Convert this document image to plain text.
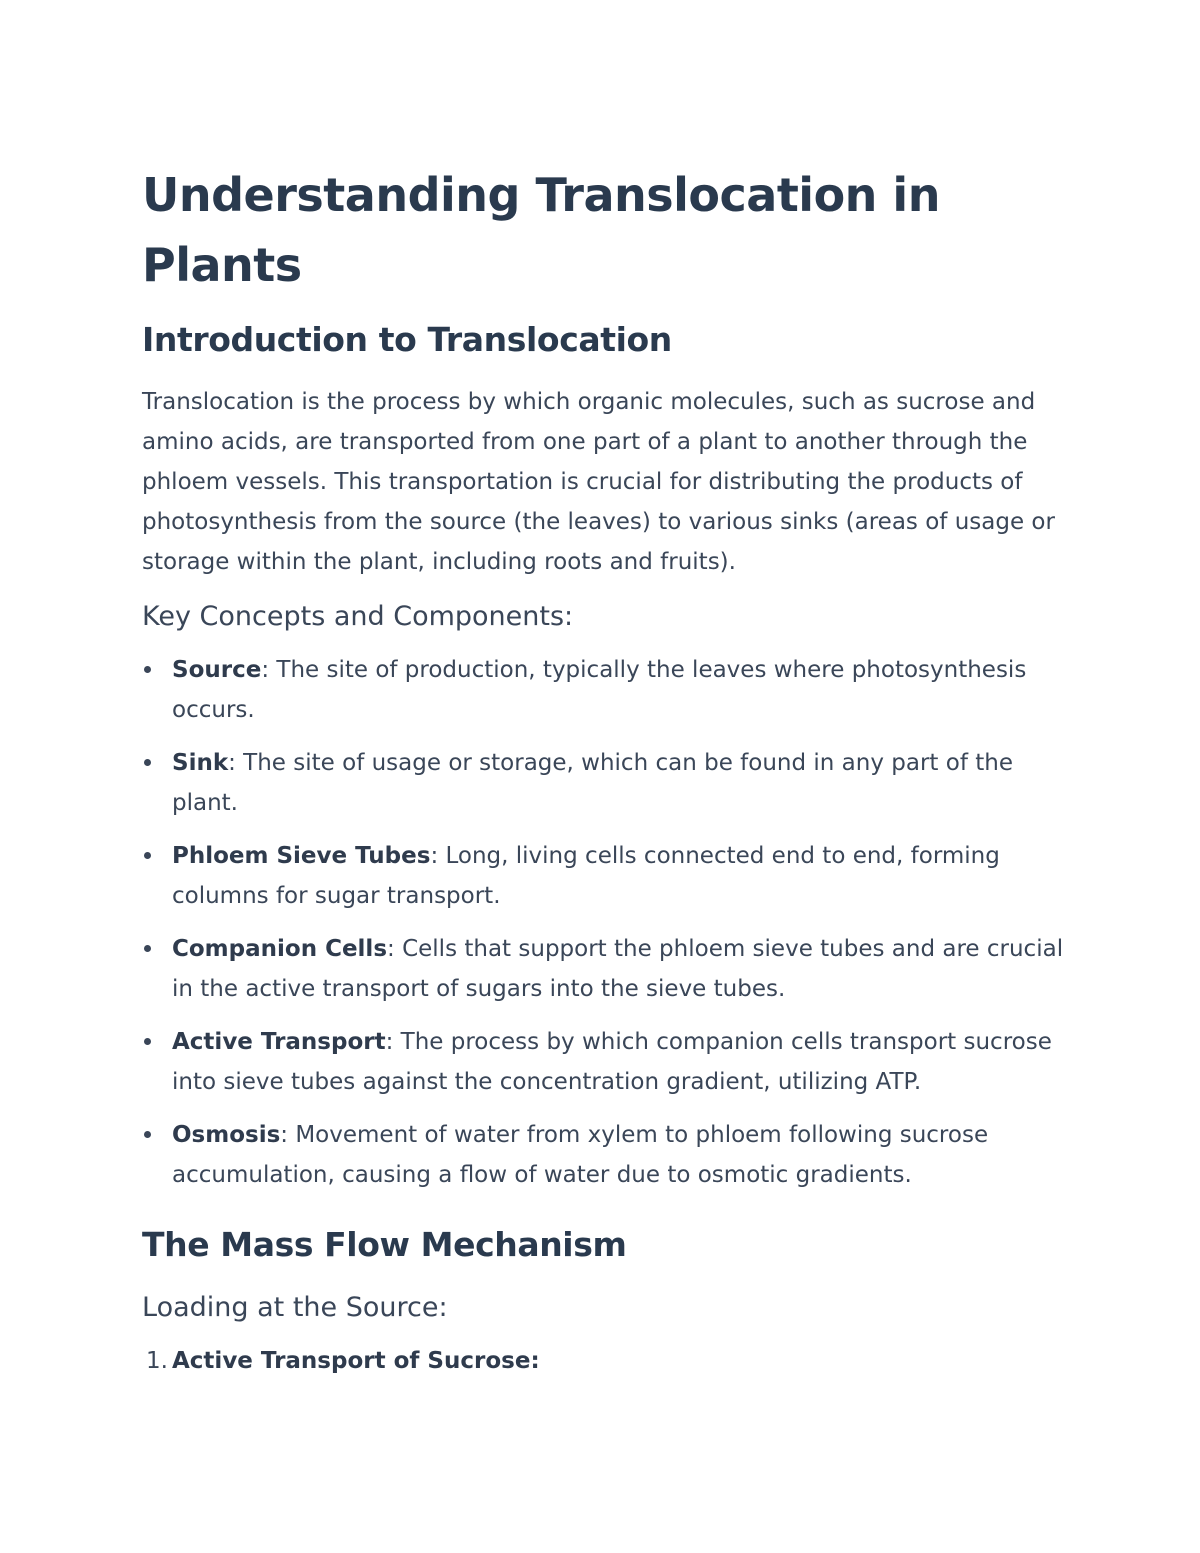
Understanding Translocation in Plants
Introduction to Translocation

Translocation is the process by which organic molecules, such as sucrose and amino acids, are transported from one part of a plant to another through the phloem vessels. This transportation is crucial for distributing the products of photosynthesis from the source (the leaves) to various sinks (areas of usage or storage within the plant, including roots and fruits).

Key Concepts and Components:
Source: The site of production, typically the leaves where photosynthesis occurs.
Sink: The site of usage or storage, which can be found in any part of the plant.
Phloem Sieve Tubes: Long, living cells connected end to end, forming columns for sugar transport.
Companion Cells: Cells that support the phloem sieve tubes and are crucial in the active transport of sugars into the sieve tubes.
Active Transport: The process by which companion cells transport sucrose into sieve tubes against the concentration gradient, utilizing ATP.
Osmosis: Movement of water from xylem to phloem following sucrose accumulation, causing a flow of water due to osmotic gradients.
The Mass Flow Mechanism
Loading at the Source:
1. Active Transport of Sucrose:
